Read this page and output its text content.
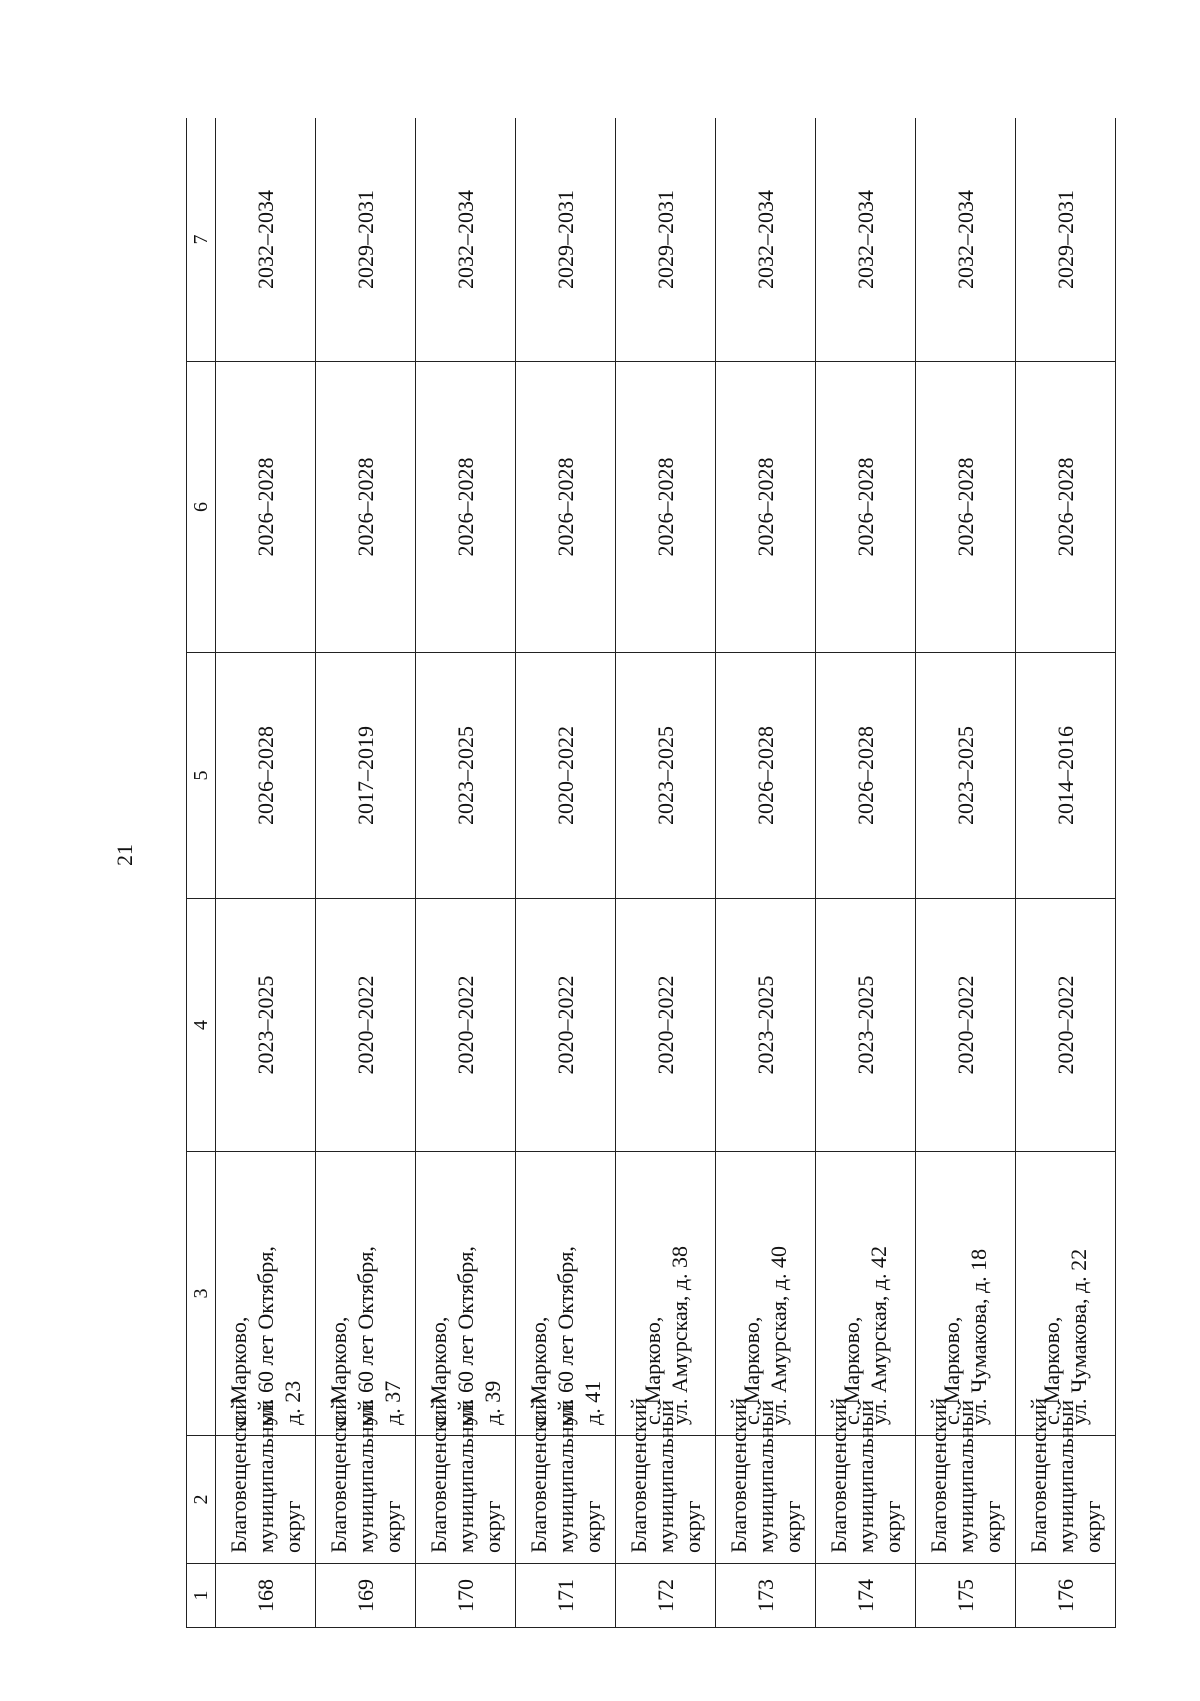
21
1	2	3	4	5	6	7
168	Благовещенский муниципальный округ	с. Марково, ул. 60 лет Октября, д. 23	2023–2025	2026–2028	2026–2028	2032–2034
169	Благовещенский муниципальный округ	с. Марково, ул. 60 лет Октября, д. 37	2020–2022	2017–2019	2026–2028	2029–2031
170	Благовещенский муниципальный округ	с. Марково, ул. 60 лет Октября, д. 39	2020–2022	2023–2025	2026–2028	2032–2034
171	Благовещенский муниципальный округ	с. Марково, ул. 60 лет Октября, д. 41	2020–2022	2020–2022	2026–2028	2029–2031
172	Благовещенский муниципальный округ	с. Марково, ул. Амурская, д. 38	2020–2022	2023–2025	2026–2028	2029–2031
173	Благовещенский муниципальный округ	с. Марково, ул. Амурская, д. 40	2023–2025	2026–2028	2026–2028	2032–2034
174	Благовещенский муниципальный округ	с. Марково, ул. Амурская, д. 42	2023–2025	2026–2028	2026–2028	2032–2034
175	Благовещенский муниципальный округ	с. Марково, ул. Чумакова, д. 18	2020–2022	2023–2025	2026–2028	2032–2034
176	Благовещенский муниципальный округ	с. Марково, ул. Чумакова, д. 22	2020–2022	2014–2016	2026–2028	2029–2031
